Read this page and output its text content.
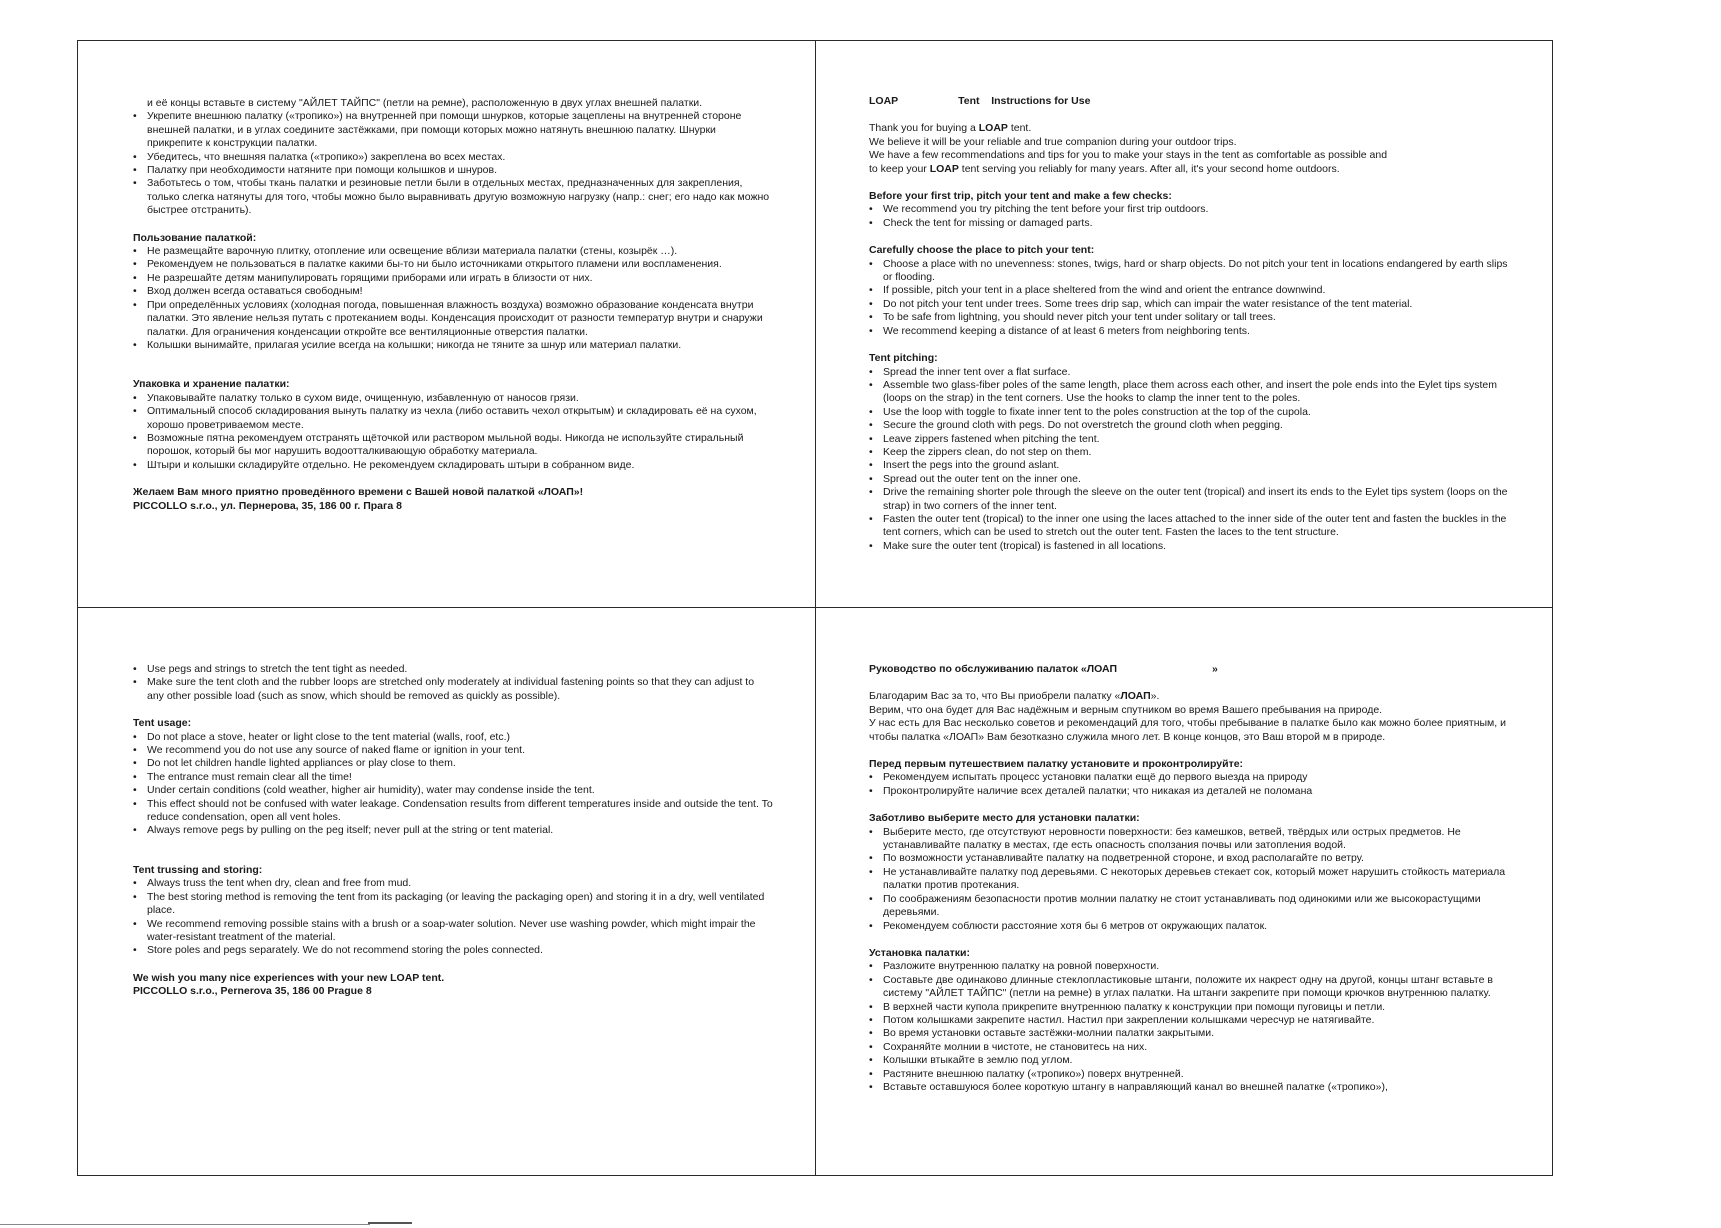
и её концы вставьте в систему "АЙЛЕТ ТАЙПС" (петли на ремне), расположенную в двух углах внешней палатки.

• Укрепите внешнюю палатку («тропико») на внутренней при помощи шнурков, которые зацеплены на внутренней стороне внешней палатки, и в углах соедините застёжками, при помощи которых можно натянуть внешнюю палатку. Шнурки прикрепите к конструкции палатки.
• Убедитесь, что внешняя палатка («тропико») закреплена во всех местах.
• Палатку при необходимости натяните при помощи колышков и шнуров.
• Заботьтесь о том, чтобы ткань палатки и резиновые петли были в отдельных местах, предназначенных для закрепления, только слегка натянуты для того, чтобы можно было выравнивать другую возможную нагрузку (напр.: снег; его надо как можно быстрее отстранить).

Пользование палаткой:

• Не размещайте варочную плитку, отопление или освещение вблизи материала палатки (стены, козырёк …).
• Рекомендуем не пользоваться в палатке какими бы-то ни было источниками открытого пламени или воспламенения.
• Не разрешайте детям манипулировать горящими приборами или играть в близости от них.
• Вход должен всегда оставаться свободным!
• При определённых условиях (холодная погода, повышенная влажность воздуха) возможно образование конденсата внутри палатки. Это явление нельзя путать с протеканием воды. Конденсация происходит от разности температур внутри и снаружи палатки. Для ограничения конденсации откройте все вентиляционные отверстия палатки.
• Колышки вынимайте, прилагая усилие всегда на колышки; никогда не тяните за шнур или материал палатки.

Упаковка и хранение палатки:

• Упаковывайте палатку только в сухом виде, очищенную, избавленную от наносов грязи.
• Оптимальный способ складирования вынуть палатку из чехла (либо оставить чехол открытым) и складировать её на сухом, хорошо проветриваемом месте.
• Возможные пятна рекомендуем отстранять щёточкой или раствором мыльной воды. Никогда не используйте стиральный порошок, который бы мог нарушить водоотталкивающую обработку материала.
• Штыри и колышки складируйте отдельно. Не рекомендуем складировать штыри в собранном виде.

Желаем Вам много приятно проведённого времени с Вашей новой палаткой «ЛОАП»!

PICCOLLO s.r.o., ул. Пернерова, 35, 186 00 г. Прага 8

LOAP	Tent    Instructions for Use

Thank you for buying a LOAP tent.

We believe it will be your reliable and true companion during your outdoor trips.

We have a few recommendations and tips for you to make your stays in the tent as comfortable as possible and

to keep your LOAP tent serving you reliably for many years. After all, it's your second home outdoors.

Before your first trip, pitch your tent and make a few checks:

• We recommend you try pitching the tent before your first trip outdoors.
• Check the tent for missing or damaged parts.

Carefully choose the place to pitch your tent:

• Choose a place with no unevenness: stones, twigs, hard or sharp objects. Do not pitch your tent in locations endangered by earth slips or flooding.
• If possible, pitch your tent in a place sheltered from the wind and orient the entrance downwind.
• Do not pitch your tent under trees. Some trees drip sap, which can impair the water resistance of the tent material.
• To be safe from lightning, you should never pitch your tent under solitary or tall trees.
• We recommend keeping a distance of at least 6 meters from neighboring tents.

Tent pitching:

• Spread the inner tent over a flat surface.
• Assemble two glass-fiber poles of the same length, place them across each other, and insert the pole ends into the Eylet tips system (loops on the strap) in the tent corners. Use the hooks to clamp the inner tent to the poles.
• Use the loop with toggle to fixate inner tent to the poles construction at the top of the cupola.
• Secure the ground cloth with pegs. Do not overstretch the ground cloth when pegging.
• Leave zippers fastened when pitching the tent.
• Keep the zippers clean, do not step on them.
• Insert the pegs into the ground aslant.
• Spread out the outer tent on the inner one.
• Drive the remaining shorter pole through the sleeve on the outer tent (tropical) and insert its ends to the Eylet tips system (loops on the strap) in two corners of the inner tent.
• Fasten the outer tent (tropical) to the inner one using the laces attached to the inner side of the outer tent and fasten the buckles in the tent corners, which can be used to stretch out the outer tent. Fasten the laces to the tent structure.
• Make sure the outer tent (tropical) is fastened in all locations.
• Use pegs and strings to stretch the tent tight as needed.
• Make sure the tent cloth and the rubber loops are stretched only moderately at individual fastening points so that they can adjust to any other possible load (such as snow, which should be removed as quickly as possible).

Tent usage:

• Do not place a stove, heater or light close to the tent material (walls, roof, etc.)
• We recommend you do not use any source of naked flame or ignition in your tent.
• Do not let children handle lighted appliances or play close to them.
• The entrance must remain clear all the time!
• Under certain conditions (cold weather, higher air humidity), water may condense inside the tent.
• This effect should not be confused with water leakage. Condensation results from different temperatures inside and outside the tent. To reduce condensation, open all vent holes.
• Always remove pegs by pulling on the peg itself; never pull at the string or tent material.

Tent trussing and storing:

• Always truss the tent when dry, clean and free from mud.
• The best storing method is removing the tent from its packaging (or leaving the packaging open) and storing it in a dry, well ventilated place.
• We recommend removing possible stains with a brush or a soap-water solution. Never use washing powder, which might impair the water-resistant treatment of the material.
• Store poles and pegs separately. We do not recommend storing the poles connected.

We wish you many nice experiences with your new LOAP tent.

PICCOLLO s.r.o., Pernerova 35, 186 00 Prague 8

Руководство по обслуживанию палаток «ЛОАП	»

Благодарим Вас за то, что Вы приобрели палатку «ЛОАП».

Верим, что она будет для Вас надёжным и верным спутником во время Вашего пребывания на природе.

У нас есть для Вас несколько советов и рекомендаций для того, чтобы пребывание в палатке было как можно более приятным, и чтобы палатка «ЛОАП» Вам безотказно служила много лет. В конце концов, это Ваш второй м в природе.

Перед первым путешествием палатку установите и проконтролируйте:

• Рекомендуем испытать процесс установки палатки ещё до первого выезда на природу
• Проконтролируйте наличие всех деталей палатки; что никакая из деталей не поломана

Заботливо выберите место для установки палатки:

• Выберите место, где отсутствуют неровности поверхности: без камешков, ветвей, твёрдых или острых предметов. Не устанавливайте палатку в местах, где есть опасность сползания почвы или затопления водой.
• По возможности устанавливайте палатку на подветренной стороне, и вход располагайте по ветру.
• Не устанавливайте палатку под деревьями. С некоторых деревьев стекает сок, который может нарушить стойкость материала палатки против протекания.
• По соображениям безопасности против молнии палатку не стоит устанавливать под одинокими или же высокорастущими деревьями.
• Рекомендуем соблюсти расстояние хотя бы 6 метров от окружающих палаток.

Установка палатки:

• Разложите внутреннюю палатку на ровной поверхности.
• Составьте две одинаково длинные стеклопластиковые штанги, положите их накрест одну на другой, концы штанг вставьте в систему "АЙЛЕТ ТАЙПС" (петли на ремне) в углах палатки. На штанги закрепите при помощи крючков внутреннюю палатку.
• В верхней части купола прикрепите внутреннюю палатку к конструкции при помощи пуговицы и петли.
• Потом колышками закрепите настил. Настил при закреплении колышками чересчур не натягивайте.
• Во время установки оставьте застёжки-молнии палатки закрытыми.
• Сохраняйте молнии в чистоте, не становитесь на них.
• Колышки втыкайте в землю под углом.
• Растяните внешнюю палатку («тропико») поверх внутренней.
• Вставьте оставшуюся более короткую штангу в направляющий канал во внешней палатке («тропико»),
